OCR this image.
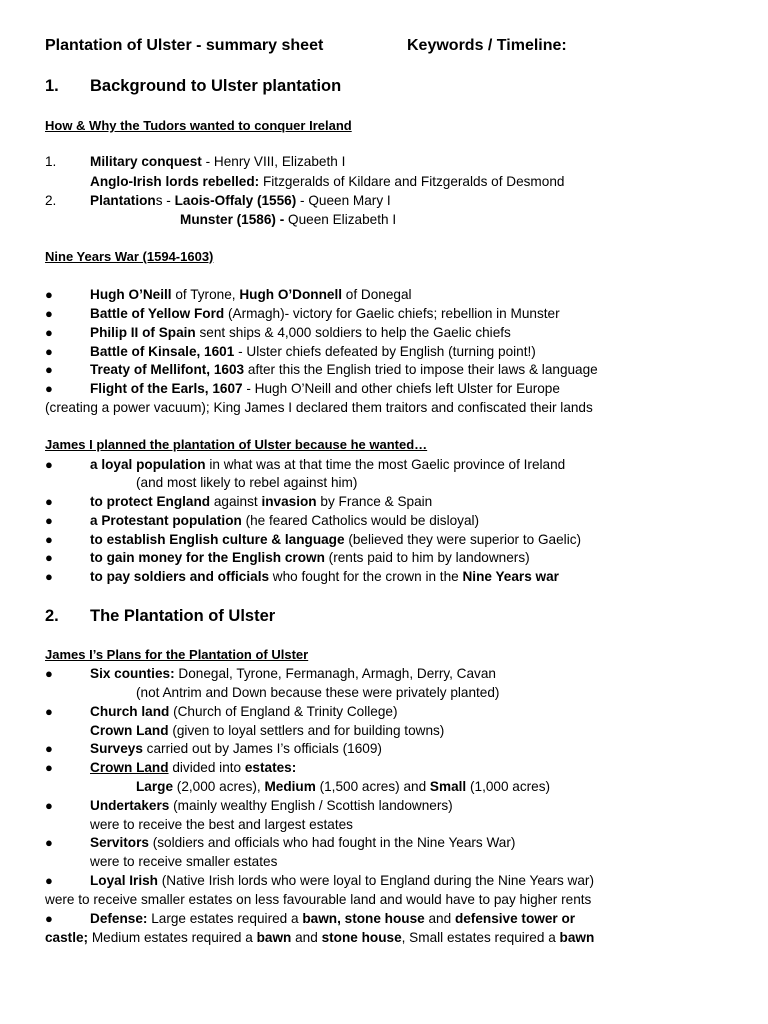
Plantation of Ulster - summary sheet	Keywords / Timeline:
1. Background to Ulster plantation
How & Why the Tudors wanted to conquer Ireland
1. Military conquest - Henry VIII, Elizabeth I
Anglo-Irish lords rebelled: Fitzgeralds of Kildare and Fitzgeralds of Desmond
2. Plantations - Laois-Offaly (1556) - Queen Mary I
Munster (1586) - Queen Elizabeth I
Nine Years War (1594-1603)
●	Hugh O’Neill of Tyrone, Hugh O’Donnell of Donegal
●	Battle of Yellow Ford (Armagh)- victory for Gaelic chiefs; rebellion in Munster
●	Philip II of Spain sent ships & 4,000 soldiers to help the Gaelic chiefs
●	Battle of Kinsale, 1601 - Ulster chiefs defeated by English (turning point!)
●	Treaty of Mellifont, 1603 after this the English tried to impose their laws & language
●	Flight of the Earls, 1607 - Hugh O’Neill and other chiefs left Ulster for Europe
(creating a power vacuum); King James I declared them traitors and confiscated their lands
James I planned the plantation of Ulster because he wanted…
●	a loyal population in what was at that time the most Gaelic province of Ireland
(and most likely to rebel against him)
●	to protect England against invasion by France & Spain
●	a Protestant population (he feared Catholics would be disloyal)
●	to establish English culture & language (believed they were superior to Gaelic)
●	to gain money for the English crown (rents paid to him by landowners)
●	to pay soldiers and officials who fought for the crown in the Nine Years war
2. The Plantation of Ulster
James I’s Plans for the Plantation of Ulster
●	Six counties: Donegal, Tyrone, Fermanagh, Armagh, Derry, Cavan
(not Antrim and Down because these were privately planted)
●	Church land (Church of England & Trinity College)
Crown Land (given to loyal settlers and for building towns)
●	Surveys carried out by James I’s officials (1609)
●	Crown Land divided into estates:
Large (2,000 acres), Medium (1,500 acres) and Small (1,000 acres)
●	Undertakers (mainly wealthy English / Scottish landowners)
were to receive the best and largest estates
●	Servitors (soldiers and officials who had fought in the Nine Years War)
were to receive smaller estates
●	Loyal Irish (Native Irish lords who were loyal to England during the Nine Years war)
were to receive smaller estates on less favourable land and would have to pay higher rents
●	Defense: Large estates required a bawn, stone house and defensive tower or
castle; Medium estates required a bawn and stone house, Small estates required a bawn
